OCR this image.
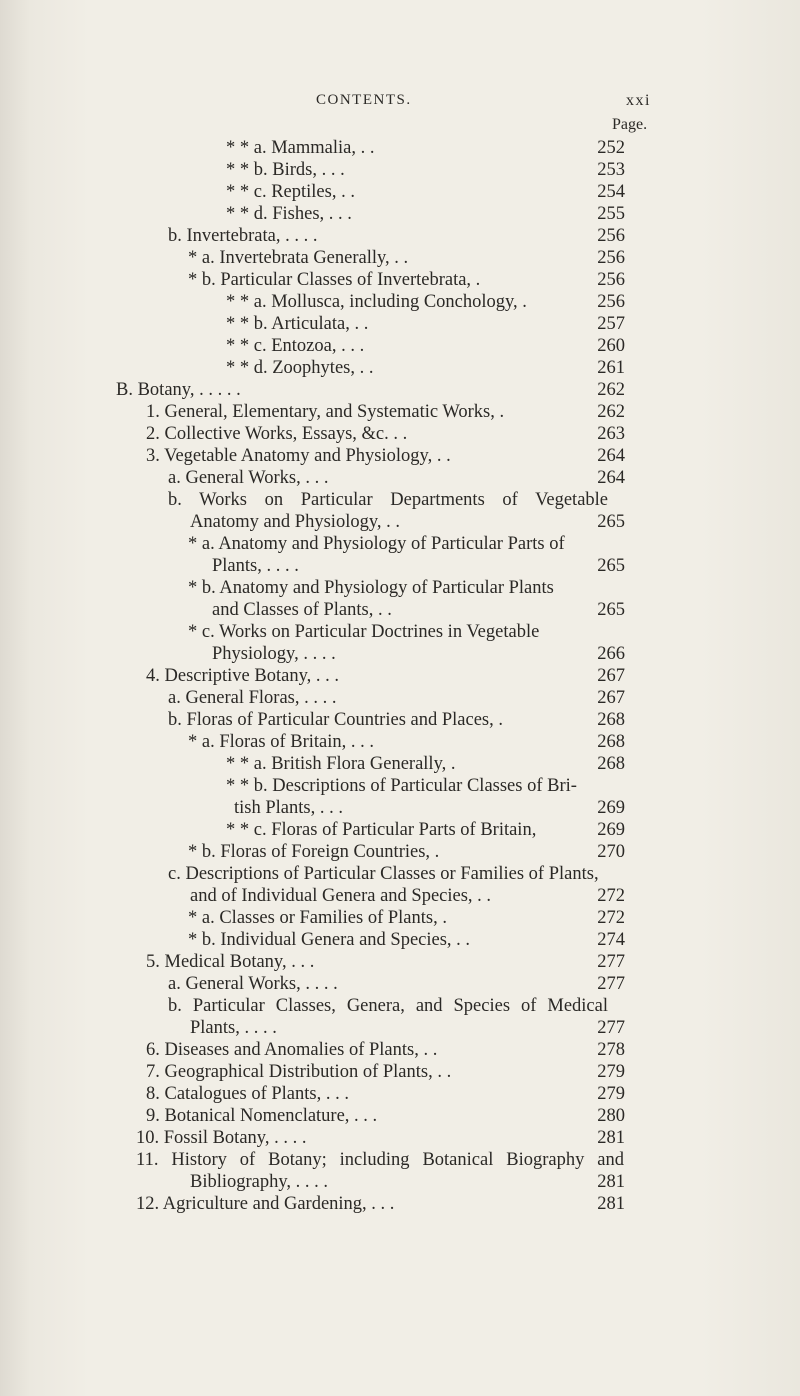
CONTENTS.	xxi
Page.
* * a. Mammalia, . .	252
* * b. Birds, . . .	253
* * c. Reptiles, . .	254
* * d. Fishes, . . .	255
b. Invertebrata, . . . .	256
* a. Invertebrata Generally, . .	256
* b. Particular Classes of Invertebrata, .	256
* * a. Mollusca, including Conchology, .	256
* * b. Articulata, . .	257
* * c. Entozoa, . . .	260
* * d. Zoophytes, . .	261
B. Botany, . . . . .	262
1. General, Elementary, and Systematic Works, .	262
2. Collective Works, Essays, &c. . .	263
3. Vegetable Anatomy and Physiology, . .	264
a. General Works, . . .	264
b. Works on Particular Departments of Vegetable
Anatomy and Physiology, . .	265
* a. Anatomy and Physiology of Particular Parts of
Plants, . . . .	265
* b. Anatomy and Physiology of Particular Plants
and Classes of Plants, . .	265
* c. Works on Particular Doctrines in Vegetable
Physiology, . . . .	266
4. Descriptive Botany, . . .	267
a. General Floras, . . . .	267
b. Floras of Particular Countries and Places, .	268
* a. Floras of Britain, . . .	268
* * a. British Flora Generally, .	268
* * b. Descriptions of Particular Classes of Bri-
tish Plants, . . .	269
* * c. Floras of Particular Parts of Britain,	269
* b. Floras of Foreign Countries, .	270
c. Descriptions of Particular Classes or Families of Plants,
and of Individual Genera and Species, . .	272
* a. Classes or Families of Plants, .	272
* b. Individual Genera and Species, . .	274
5. Medical Botany, . . .	277
a. General Works, . . . .	277
b. Particular Classes, Genera, and Species of Medical
Plants, . . . .	277
6. Diseases and Anomalies of Plants, . .	278
7. Geographical Distribution of Plants, . .	279
8. Catalogues of Plants, . . .	279
9. Botanical Nomenclature, . . .	280
10. Fossil Botany, . . . .	281
11. History of Botany; including Botanical Biography and
Bibliography, . . . .	281
12. Agriculture and Gardening, . . .	281
